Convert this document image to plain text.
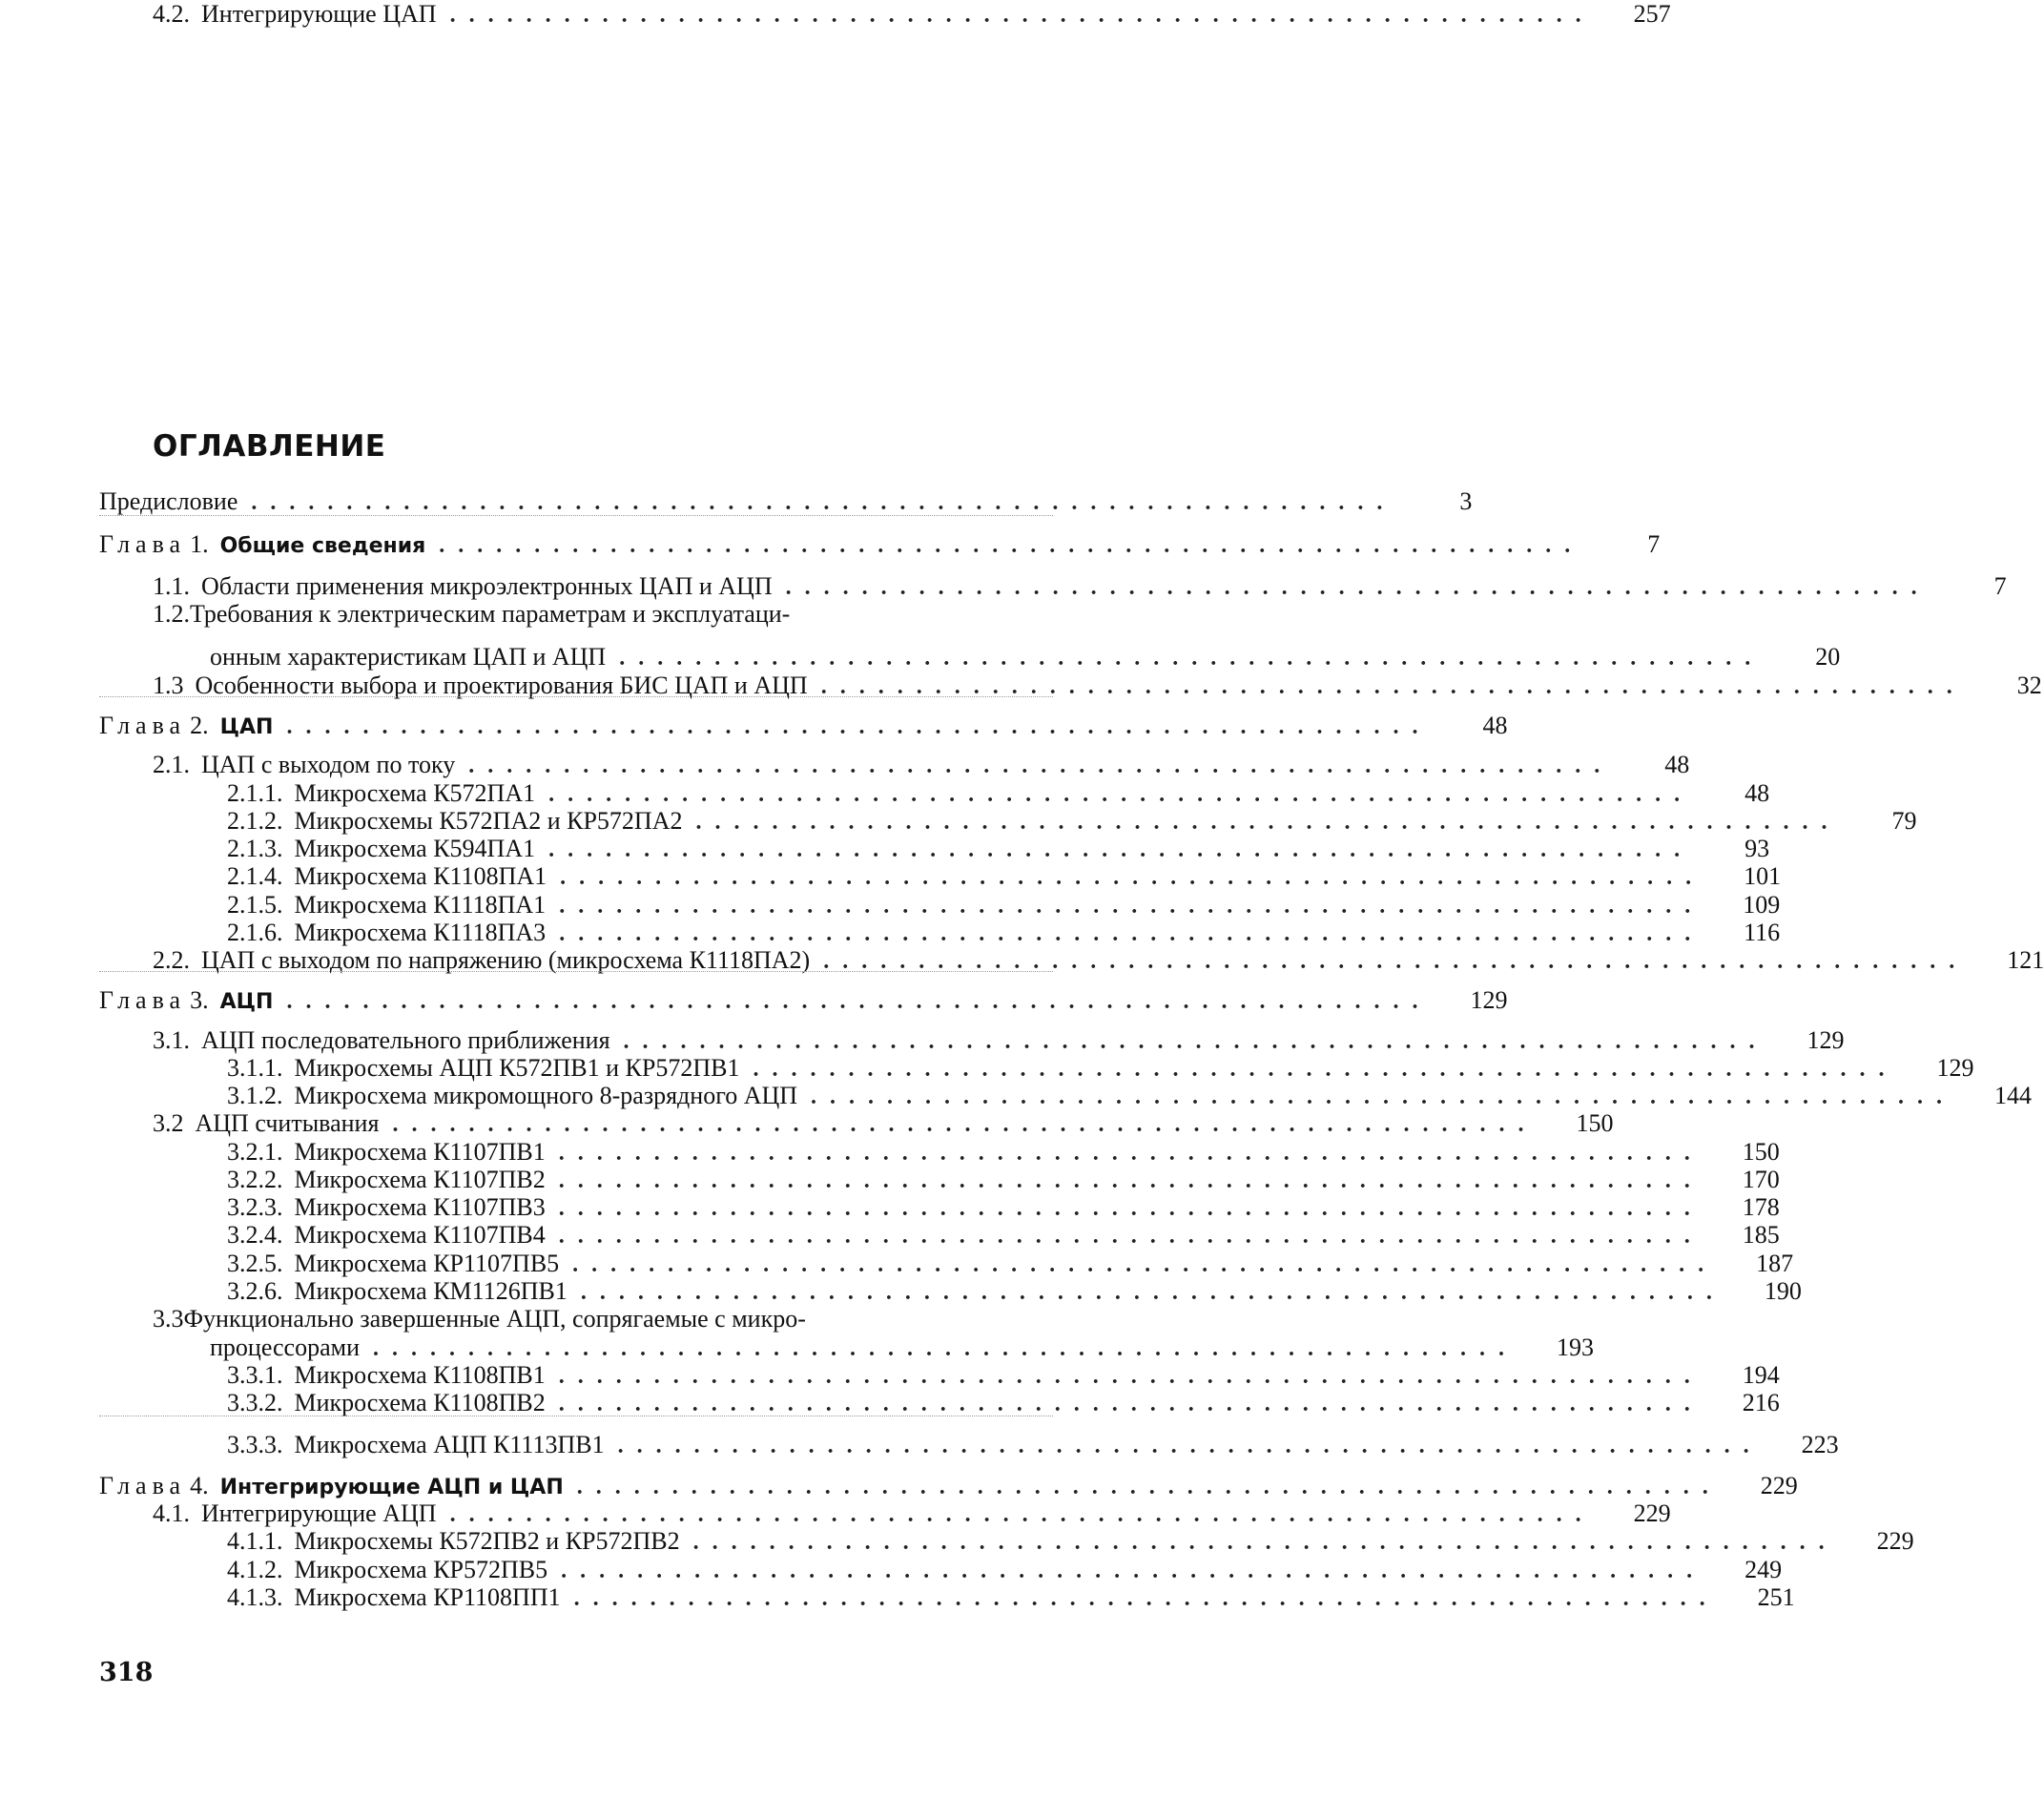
ОГЛАВЛЕНИЕ
Предисловие ............................................................	3
Глава 1. Общие сведения ............................................................	7
1.1. Области применения микроэлектронных ЦАП и АЦП ............................................................	7
1.2.Требования к электрическим параметрам и эксплуатаци-
онным характеристикам ЦАП и АЦП ............................................................	20
1.3 Особенности выбора и проектирования БИС ЦАП и АЦП ............................................................	32
Глава 2. ЦАП ............................................................	48
2.1. ЦАП с выходом по току ............................................................	48
2.1.1. Микросхема К572ПА1 ............................................................	48
2.1.2. Микросхемы К572ПА2 и КР572ПА2 ............................................................	79
2.1.3. Микросхема К594ПА1 ............................................................	93
2.1.4. Микросхема К1108ПА1 ............................................................	101
2.1.5. Микросхема К1118ПА1 ............................................................	109
2.1.6. Микросхема К1118ПА3 ............................................................	116
2.2. ЦАП с выходом по напряжению (микросхема К1118ПА2) ............................................................	121
Глава 3. АЦП ............................................................	129
3.1. АЦП последовательного приближения ............................................................	129
3.1.1. Микросхемы АЦП К572ПВ1 и КР572ПВ1 ............................................................	129
3.1.2. Микросхема микромощного 8-разрядного АЦП ............................................................	144
3.2 АЦП считывания ............................................................	150
3.2.1. Микросхема К1107ПВ1 ............................................................	150
3.2.2. Микросхема К1107ПВ2 ............................................................	170
3.2.3. Микросхема К1107ПВ3 ............................................................	178
3.2.4. Микросхема К1107ПВ4 ............................................................	185
3.2.5. Микросхема КР1107ПВ5 ............................................................	187
3.2.6. Микросхема КМ1126ПВ1 ............................................................	190
3.3Функционально завершенные АЦП, сопрягаемые с микро-
процессорами ............................................................	193
3.3.1. Микросхема К1108ПВ1 ............................................................	194
3.3.2. Микросхема К1108ПВ2 ............................................................	216
3.3.3. Микросхема АЦП К1113ПВ1 ............................................................	223
Глава 4. Интегрирующие АЦП и ЦАП ............................................................	229
4.1. Интегрирующие АЦП ............................................................	229
4.1.1. Микросхемы К572ПВ2 и КР572ПВ2 ............................................................	229
4.1.2. Микросхема КР572ПВ5 ............................................................	249
4.1.3. Микросхема КР1108ПП1 ............................................................	251
4.2. Интегрирующие ЦАП ............................................................	257
318
